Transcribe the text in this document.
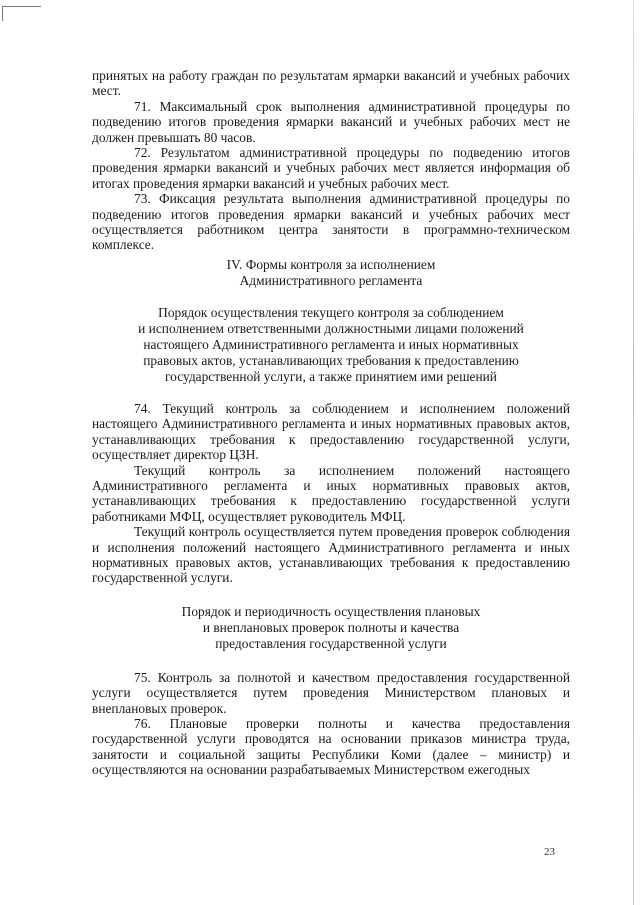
принятых на работу граждан по результатам ярмарки вакансий и учебных рабочих мест.

71. Максимальный срок выполнения административной процедуры по подведению итогов проведения ярмарки вакансий и учебных рабочих мест не должен превышать 80 часов.

72. Результатом административной процедуры по подведению итогов проведения ярмарки вакансий и учебных рабочих мест является информация об итогах проведения ярмарки вакансий и учебных рабочих мест.

73. Фиксация результата выполнения административной процедуры по подведению итогов проведения ярмарки вакансий и учебных рабочих мест осуществляется работником центра занятости в программно-техническом комплексе.

IV. Формы контроля за исполнением

Административного регламента

Порядок осуществления текущего контроля за соблюдением

и исполнением ответственными должностными лицами положений

настоящего Административного регламента и иных нормативных

правовых актов, устанавливающих требования к предоставлению

государственной услуги, а также принятием ими решений

74. Текущий контроль за соблюдением и исполнением положений настоящего Административного регламента и иных нормативных правовых актов, устанавливающих требования к предоставлению государственной услуги, осуществляет директор ЦЗН.

Текущий контроль за исполнением положений настоящего Административного регламента и иных нормативных правовых актов, устанавливающих требования к предоставлению государственной услуги работниками МФЦ, осуществляет руководитель МФЦ.

Текущий контроль осуществляется путем проведения проверок соблюдения и исполнения положений настоящего Административного регламента и иных нормативных правовых актов, устанавливающих требования к предоставлению государственной услуги.

Порядок и периодичность осуществления плановых

и внеплановых проверок полноты и качества

предоставления государственной услуги

75. Контроль за полнотой и качеством предоставления государственной услуги осуществляется путем проведения Министерством плановых и внеплановых проверок.

76. Плановые проверки полноты и качества предоставления государственной услуги проводятся на основании приказов министра труда, занятости и социальной защиты Республики Коми (далее – министр) и осуществляются на основании разрабатываемых Министерством ежегодных

23
